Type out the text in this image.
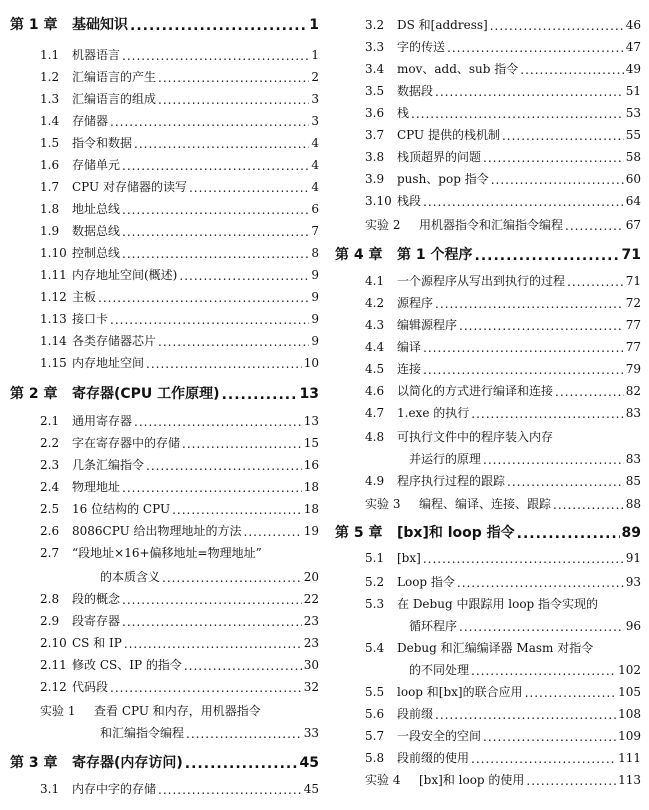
第 1 章	基础知识 .....	1
1.1	机器语言 .....	1
1.2	汇编语言的产生 .....	2
1.3	汇编语言的组成 .....	3
1.4	存储器 .....	3
1.5	指令和数据 .....	4
1.6	存储单元 .....	4
1.7	CPU 对存储器的读写 .....	4
1.8	地址总线 .....	6
1.9	数据总线 .....	7
1.10 控制总线 .....	8
1.11 内存地址空间(概述) .....	9
1.12 主板 .....	9
1.13 接口卡 .....	9
1.14 各类存储器芯片 .....	9
1.15 内存地址空间 .....	10
第 2 章	寄存器(CPU 工作原理) .....	13
2.1	通用寄存器 .....	13
2.2	字在寄存器中的存储 .....	15
2.3	几条汇编指令 .....	16
2.4	物理地址 .....	18
2.5	16 位结构的 CPU .....	18
2.6	8086CPU 给出物理地址的方法 .....	19
2.7	“段地址×16+偏移地址=物理地址”
的本质含义 .....	20
2.8	段的概念 .....	22
2.9	段寄存器 .....	23
2.10 CS 和 IP .....	23
2.11 修改 CS、IP 的指令 .....	30
2.12 代码段 .....	32
实验 1	查看 CPU 和内存，用机器指令
和汇编指令编程 .....	33
第 3 章	寄存器(内存访问) .....	45
3.1	内存中字的存储 .....	45
3.2	DS 和[address] .....	46
3.3	字的传送 .....	47
3.4	mov、add、sub 指令 .....	49
3.5	数据段 .....	51
3.6	栈 .....	53
3.7	CPU 提供的栈机制 .....	55
3.8	栈顶超界的问题 .....	58
3.9	push、pop 指令 .....	60
3.10 栈段 .....	64
实验 2	用机器指令和汇编指令编程 .....	67
第 4 章	第 1 个程序 .....	71
4.1	一个源程序从写出到执行的过程 .....	71
4.2	源程序 .....	72
4.3	编辑源程序 .....	77
4.4	编译 .....	77
4.5	连接 .....	79
4.6	以简化的方式进行编译和连接 .....	82
4.7	1.exe 的执行 .....	83
4.8	可执行文件中的程序装入内存
并运行的原理 .....	83
4.9	程序执行过程的跟踪 .....	85
实验 3	编程、编译、连接、跟踪 .....	88
第 5 章	[bx]和 loop 指令 .....	89
5.1	[bx] .....	91
5.2	Loop 指令 .....	93
5.3	在 Debug 中跟踪用 loop 指令实现的
循环程序 .....	96
5.4	Debug 和汇编编译器 Masm 对指令
的不同处理 .....	102
5.5	loop 和[bx]的联合应用 .....	105
5.6	段前缀 .....	108
5.7	一段安全的空间 .....	109
5.8	段前缀的使用 .....	111
实验 4	[bx]和 loop 的使用 .....	113
